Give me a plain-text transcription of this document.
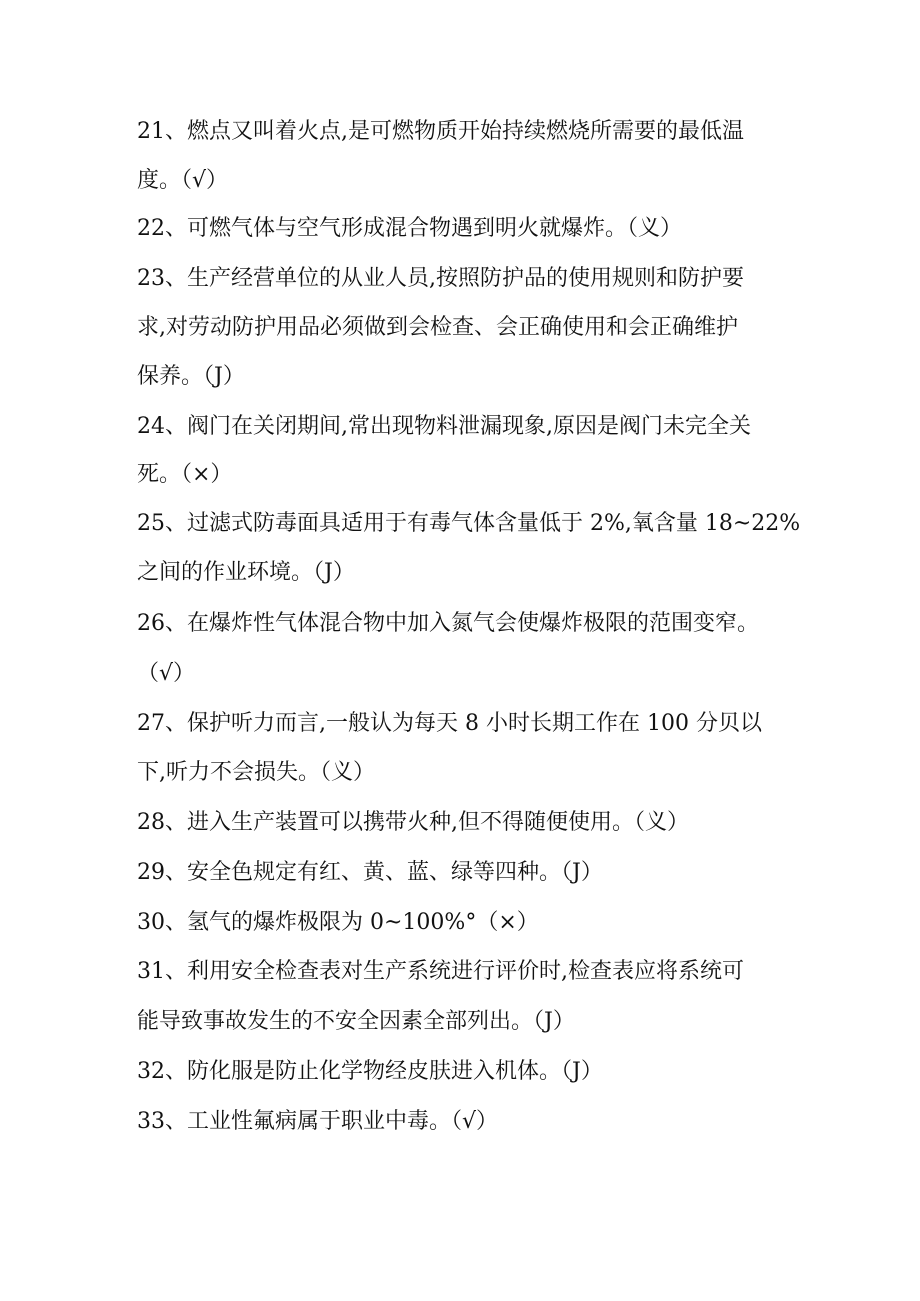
21、燃点又叫着火点,是可燃物质开始持续燃烧所需要的最低温

度。（√）

22、可燃气体与空气形成混合物遇到明火就爆炸。（义）

23、生产经营单位的从业人员,按照防护品的使用规则和防护要

求,对劳动防护用品必须做到会检查、会正确使用和会正确维护

保养。（J）

24、阀门在关闭期间,常出现物料泄漏现象,原因是阀门未完全关

死。（×）

25、过滤式防毒面具适用于有毒气体含量低于 2%,氧含量 18~22%

之间的作业环境。（J）

26、在爆炸性气体混合物中加入氮气会使爆炸极限的范围变窄。

（√）

27、保护听力而言,一般认为每天 8 小时长期工作在 100 分贝以

下,听力不会损失。（义）

28、进入生产装置可以携带火种,但不得随便使用。（义）

29、安全色规定有红、黄、蓝、绿等四种。（J）

30、氢气的爆炸极限为 0~100%°（×）

31、利用安全检查表对生产系统进行评价时,检查表应将系统可

能导致事故发生的不安全因素全部列出。（J）

32、防化服是防止化学物经皮肤进入机体。（J）

33、工业性氟病属于职业中毒。（√）
